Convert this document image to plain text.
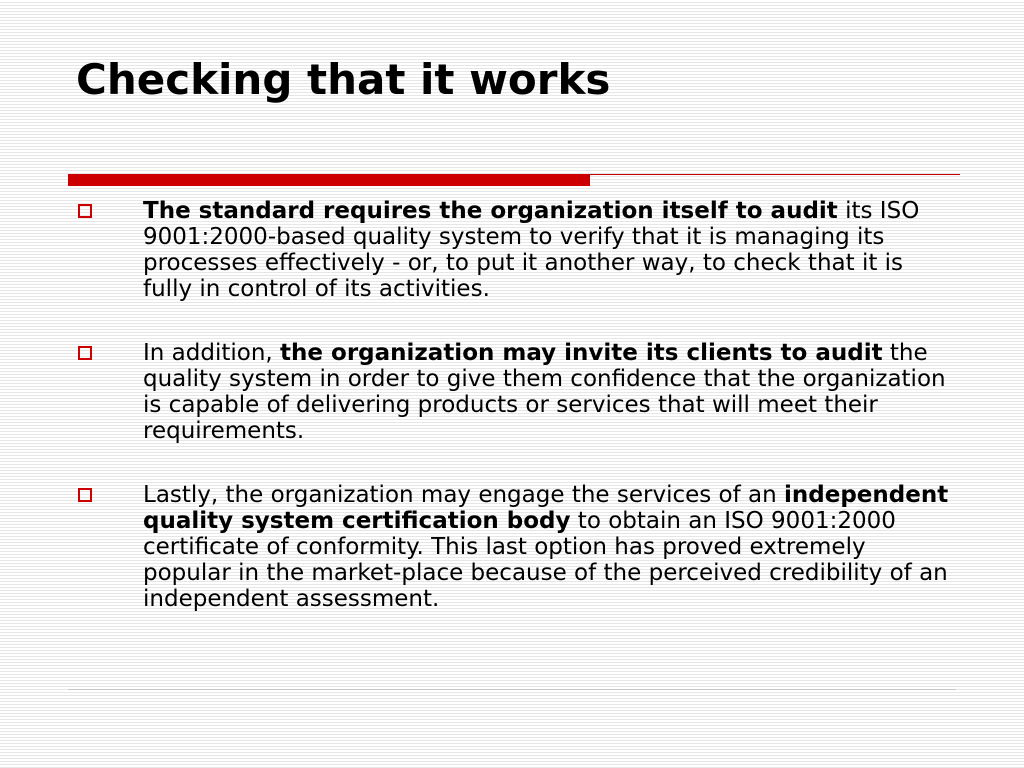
Checking that it works
The standard requires the organization itself to audit its ISO 9001:2000-based quality system to verify that it is managing its processes effectively - or, to put it another way, to check that it is fully in control of its activities.
In addition, the organization may invite its clients to audit the quality system in order to give them confidence that the organization is capable of delivering products or services that will meet their requirements.
Lastly, the organization may engage the services of an independent quality system certification body to obtain an ISO 9001:2000 certificate of conformity. This last option has proved extremely popular in the market-place because of the perceived credibility of an independent assessment.
